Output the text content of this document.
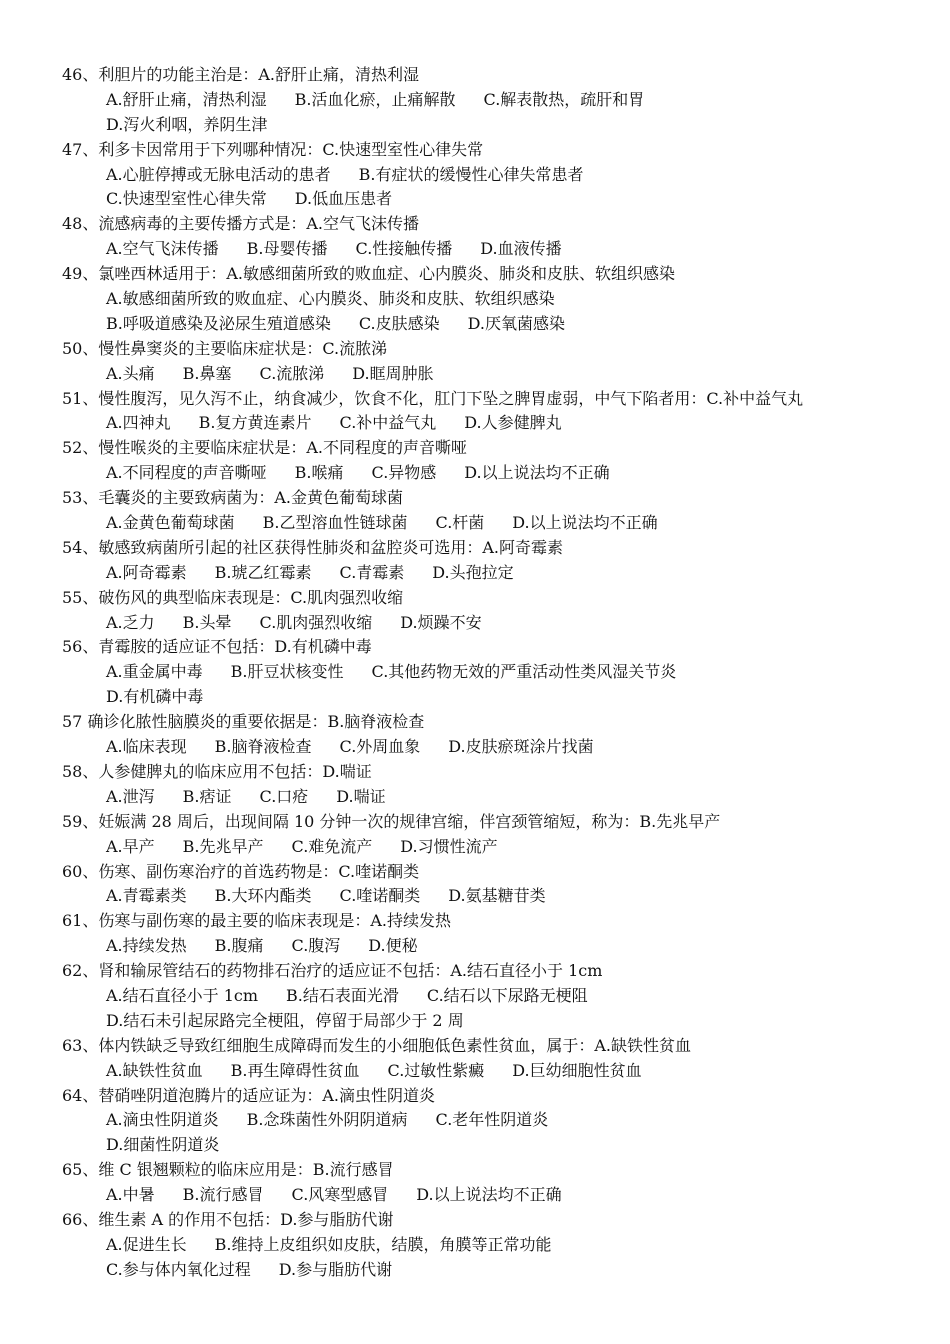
46、利胆片的功能主治是：A.舒肝止痛，清热利湿
A.舒肝止痛，清热利湿 B.活血化瘀，止痛解散 C.解表散热，疏肝和胃
D.泻火利咽，养阴生津
47、利多卡因常用于下列哪种情况：C.快速型室性心律失常
A.心脏停搏或无脉电活动的患者 B.有症状的缓慢性心律失常患者
C.快速型室性心律失常 D.低血压患者
48、流感病毒的主要传播方式是：A.空气飞沫传播
A.空气飞沫传播 B.母婴传播 C.性接触传播 D.血液传播
49、氯唑西林适用于：A.敏感细菌所致的败血症、心内膜炎、肺炎和皮肤、软组织感染
A.敏感细菌所致的败血症、心内膜炎、肺炎和皮肤、软组织感染
B.呼吸道感染及泌尿生殖道感染 C.皮肤感染 D.厌氧菌感染
50、慢性鼻窦炎的主要临床症状是：C.流脓涕
A.头痛 B.鼻塞 C.流脓涕 D.眶周肿胀
51、慢性腹泻，见久泻不止，纳食减少，饮食不化，肛门下坠之脾胃虚弱，中气下陷者用：C.补中益气丸
A.四神丸 B.复方黄连素片 C.补中益气丸 D.人参健脾丸
52、慢性喉炎的主要临床症状是：A.不同程度的声音嘶哑
A.不同程度的声音嘶哑 B.喉痛 C.异物感 D.以上说法均不正确
53、毛囊炎的主要致病菌为：A.金黄色葡萄球菌
A.金黄色葡萄球菌 B.乙型溶血性链球菌 C.杆菌 D.以上说法均不正确
54、敏感致病菌所引起的社区获得性肺炎和盆腔炎可选用：A.阿奇霉素
A.阿奇霉素 B.琥乙红霉素 C.青霉素 D.头孢拉定
55、破伤风的典型临床表现是：C.肌肉强烈收缩
A.乏力 B.头晕 C.肌肉强烈收缩 D.烦躁不安
56、青霉胺的适应证不包括：D.有机磷中毒
A.重金属中毒 B.肝豆状核变性 C.其他药物无效的严重活动性类风湿关节炎
D.有机磷中毒
57 确诊化脓性脑膜炎的重要依据是：B.脑脊液检查
A.临床表现 B.脑脊液检查 C.外周血象 D.皮肤瘀斑涂片找菌
58、人参健脾丸的临床应用不包括：D.喘证
A.泄泻 B.痞证 C.口疮 D.喘证
59、妊娠满 28 周后，出现间隔 10 分钟一次的规律宫缩，伴宫颈管缩短，称为：B.先兆早产
A.早产 B.先兆早产 C.难免流产 D.习惯性流产
60、伤寒、副伤寒治疗的首选药物是：C.喹诺酮类
A.青霉素类 B.大环内酯类 C.喹诺酮类 D.氨基糖苷类
61、伤寒与副伤寒的最主要的临床表现是：A.持续发热
A.持续发热 B.腹痛 C.腹泻 D.便秘
62、肾和输尿管结石的药物排石治疗的适应证不包括：A.结石直径小于 1cm
A.结石直径小于 1cm B.结石表面光滑 C.结石以下尿路无梗阻
D.结石未引起尿路完全梗阻，停留于局部少于 2 周
63、体内铁缺乏导致红细胞生成障碍而发生的小细胞低色素性贫血，属于：A.缺铁性贫血
A.缺铁性贫血 B.再生障碍性贫血 C.过敏性紫癜 D.巨幼细胞性贫血
64、替硝唑阴道泡腾片的适应证为：A.滴虫性阴道炎
A.滴虫性阴道炎 B.念珠菌性外阴阴道病 C.老年性阴道炎
D.细菌性阴道炎
65、维 C 银翘颗粒的临床应用是：B.流行感冒
A.中暑 B.流行感冒 C.风寒型感冒 D.以上说法均不正确
66、维生素 A 的作用不包括：D.参与脂肪代谢
A.促进生长 B.维持上皮组织如皮肤，结膜，角膜等正常功能
C.参与体内氧化过程 D.参与脂肪代谢
